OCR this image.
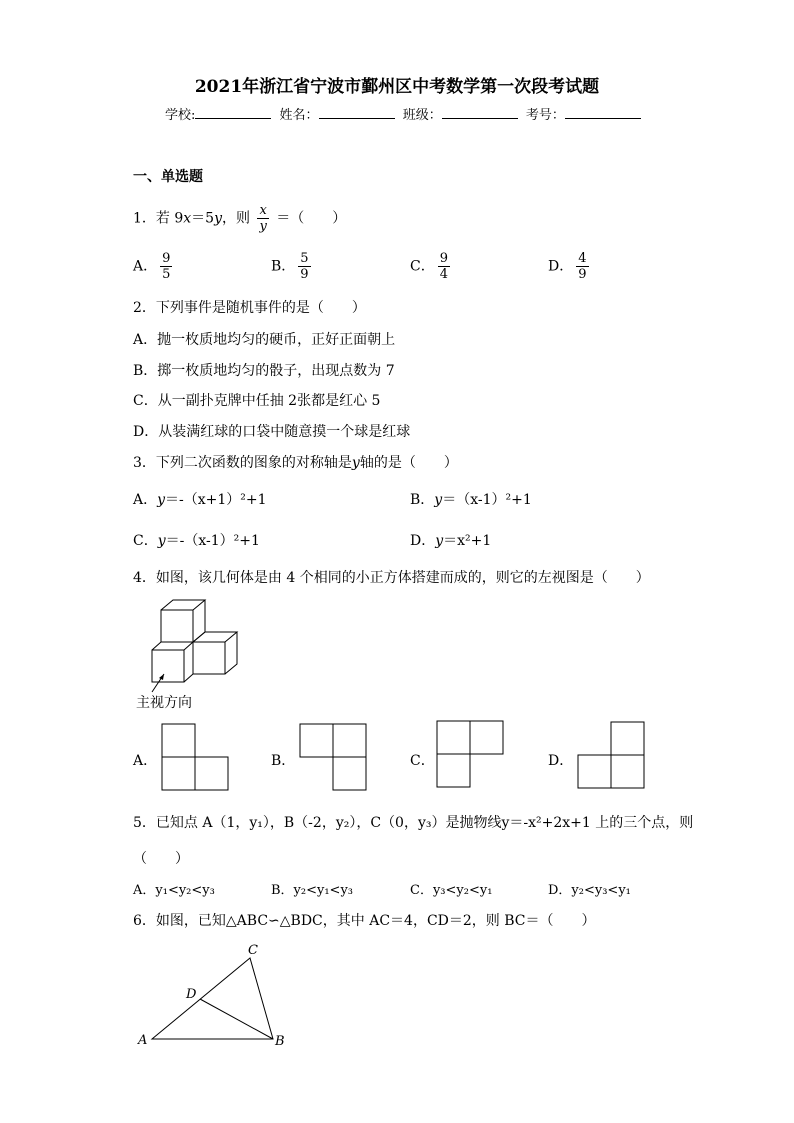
2021年浙江省宁波市鄞州区中考数学第一次段考试题
学校:	姓名：	班级：	考号：
一、单选题
1．若 9x＝5y，则 $\frac{x}{y}$ ＝（　　）
A． $\frac{9}{5}$	B． $\frac{5}{9}$	C． $\frac{9}{4}$	D． $\frac{4}{9}$
2．下列事件是随机事件的是（　　）
A．抛一枚质地均匀的硬币，正好正面朝上
B．掷一枚质地均匀的骰子，出现点数为 7
C．从一副扑克牌中任抽 2张都是红心 5
D．从装满红球的口袋中随意摸一个球是红球
3．下列二次函数的图象的对称轴是y轴的是（　　）
A．y＝-（x+1）²+1	B．y＝（x-1）²+1
C．y＝-（x-1）²+1	D．y＝x²+1
4．如图，该几何体是由 4 个相同的小正方体搭建而成的，则它的左视图是（　　）
主视方向
A．	B．	C．	D．
5．已知点 A（1，y₁），B（-2，y₂），C（0，y₃）是抛物线y＝-x²+2x+1 上的三个点，则
（　　）
A．y₁<y₂<y₃	B．y₂<y₁<y₃	C．y₃<y₂<y₁	D．y₂<y₃<y₁
6．如图，已知△ABC∽△BDC，其中 AC＝4，CD＝2，则 BC＝（　　）
A
C
D
B
